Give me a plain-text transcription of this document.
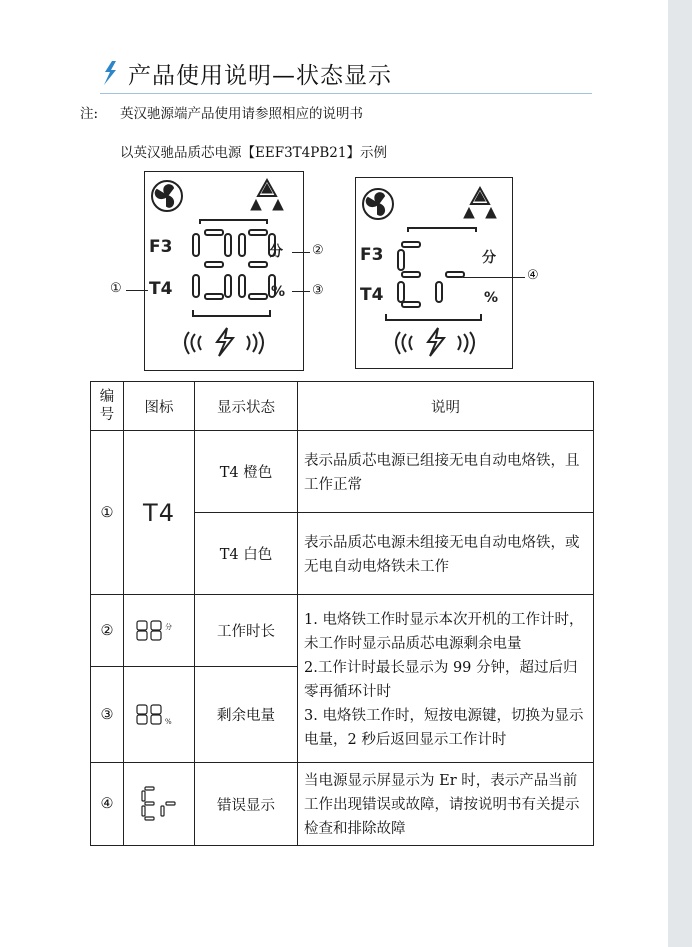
产品使用说明—状态显示
注: 英汉驰源端产品使用请参照相应的说明书
以英汉驰品质芯电源【EEF3T4PB21】示例
F3
T4
分
%
F3
T4
分
%
①
②
③
④
编号	图标	显示状态	说明
①	T4	T4 橙色	表示品质芯电源已组接无电自动电烙铁，且工作正常
		T4 白色	表示品质芯电源未组接无电自动电烙铁，或无电自动电烙铁未工作
②	分	工作时长	1. 电烙铁工作时显示本次开机的工作计时，未工作时显示品质芯电源剩余电量
2.工作计时最长显示为 99 分钟，超过后归零再循环计时
3. 电烙铁工作时，短按电源键，切换为显示电量，2 秒后返回显示工作计时

③	%	剩余电量	
④		错误显示	当电源显示屏显示为 Er 时，表示产品当前工作出现错误或故障，请按说明书有关提示检查和排除故障
